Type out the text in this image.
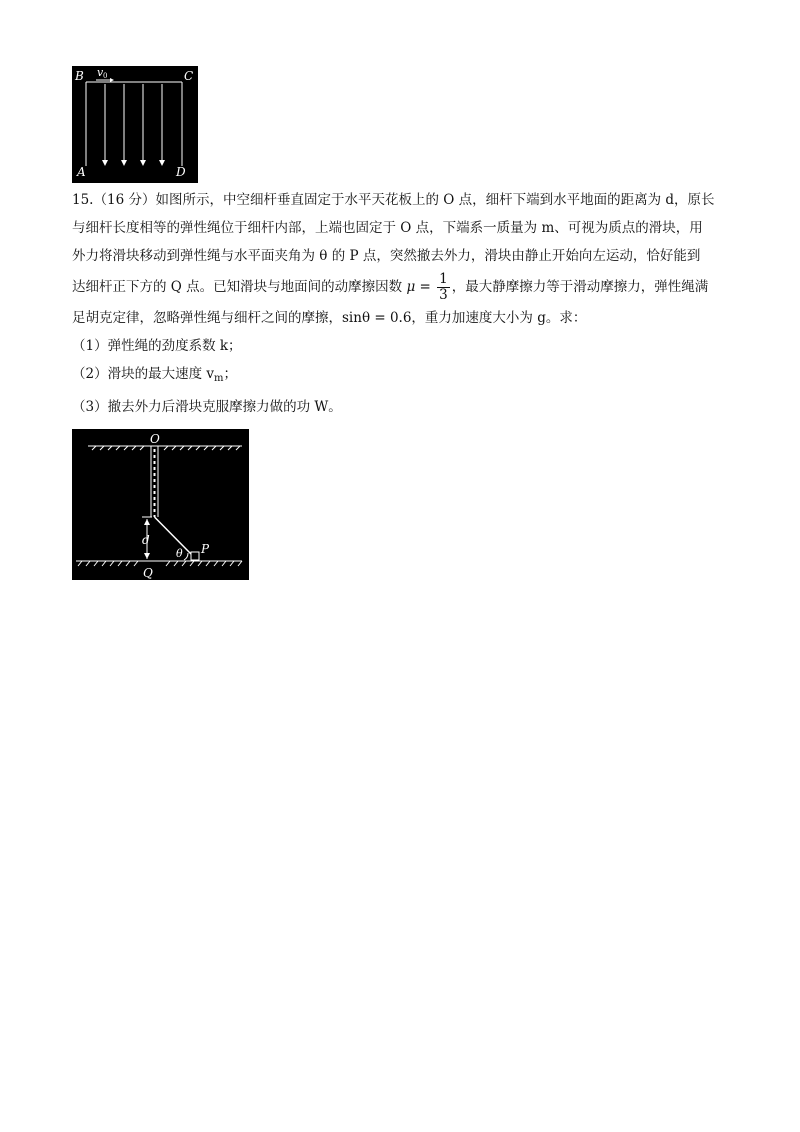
B	C
A	D
v 0
15.（16 分）如图所示，中空细杆垂直固定于水平天花板上的 O 点，细杆下端到水平地面的距离为 d，原长
与细杆长度相等的弹性绳位于细杆内部，上端也固定于 O 点，下端系一质量为 m、可视为质点的滑块，用
外力将滑块移动到弹性绳与水平面夹角为 θ 的 P 点，突然撤去外力，滑块由静止开始向左运动，恰好能到
达细杆正下方的 Q 点。已知滑块与地面间的动摩擦因数 $\mu = \frac{1}{3}$ ，最大静摩擦力等于滑动摩擦力，弹性绳满
足胡克定律，忽略弹性绳与细杆之间的摩擦，sinθ = 0.6，重力加速度大小为 g。求：
（1）弹性绳的劲度系数 k；
（2）滑块的最大速度 $v_m$；
（3）撤去外力后滑块克服摩擦力做的功 W。
O
d
θ P
Q
